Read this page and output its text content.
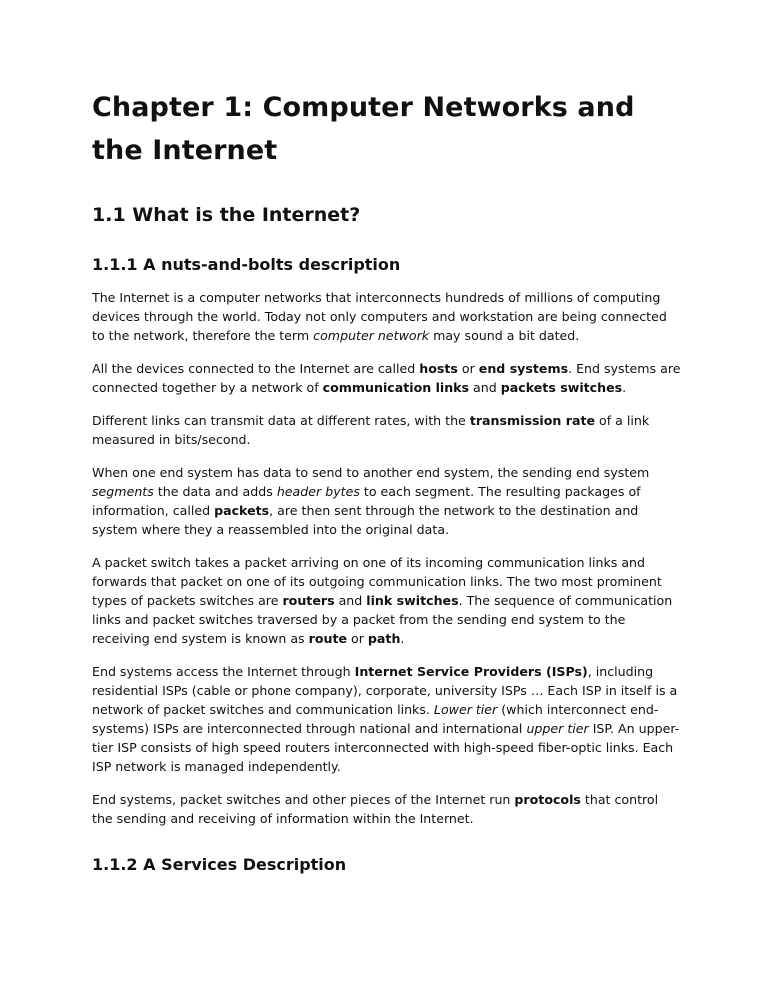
Chapter 1: Computer Networks and the Internet
1.1 What is the Internet?
1.1.1 A nuts-and-bolts description

The Internet is a computer networks that interconnects hundreds of millions of computing devices through the world. Today not only computers and workstation are being connected to the network, therefore the term computer network may sound a bit dated.

All the devices connected to the Internet are called hosts or end systems. End systems are connected together by a network of communication links and packets switches.

Different links can transmit data at different rates, with the transmission rate of a link measured in bits/second.

When one end system has data to send to another end system, the sending end system segments the data and adds header bytes to each segment. The resulting packages of information, called packets, are then sent through the network to the destination and system where they a reassembled into the original data.

A packet switch takes a packet arriving on one of its incoming communication links and forwards that packet on one of its outgoing communication links. The two most prominent types of packets switches are routers and link switches. The sequence of communication links and packet switches traversed by a packet from the sending end system to the receiving end system is known as route or path.

End systems access the Internet through Internet Service Providers (ISPs), including residential ISPs (cable or phone company), corporate, university ISPs … Each ISP in itself is a network of packet switches and communication links. Lower tier (which interconnect end-systems) ISPs are interconnected through national and international upper tier ISP. An upper-tier ISP consists of high speed routers interconnected with high-speed fiber-optic links. Each ISP network is managed independently.

End systems, packet switches and other pieces of the Internet run protocols that control the sending and receiving of information within the Internet.

1.1.2 A Services Description
